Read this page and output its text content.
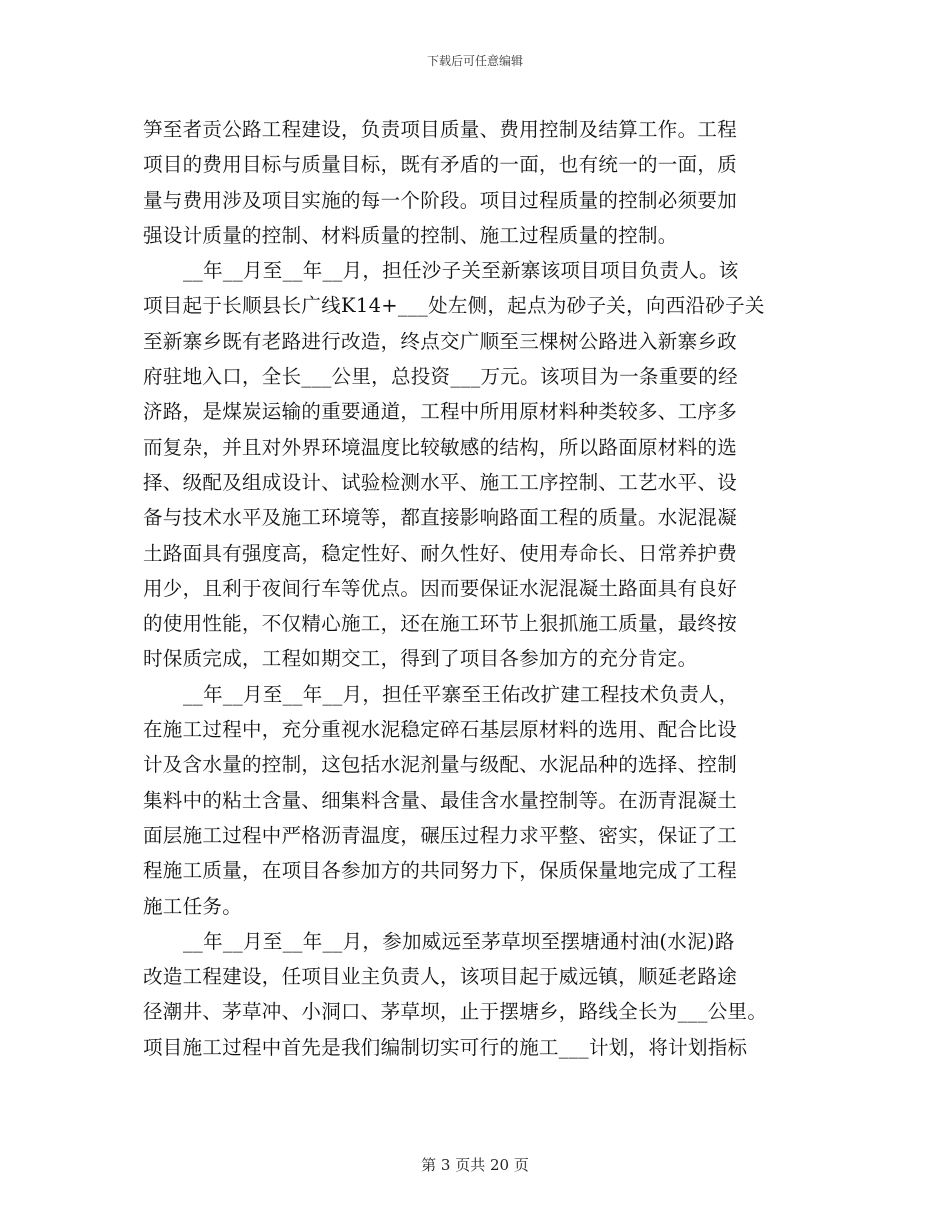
下载后可任意编辑
笋至者贡公路工程建设，负责项目质量、费用控制及结算工作。工程
项目的费用目标与质量目标，既有矛盾的一面，也有统一的一面，质
量与费用涉及项目实施的每一个阶段。项目过程质量的控制必须要加
强设计质量的控制、材料质量的控制、施工过程质量的控制。
__年__月至__年__月，担任沙子关至新寨该项目项目负责人。该
项目起于长顺县长广线K14+___处左侧，起点为砂子关，向西沿砂子关
至新寨乡既有老路进行改造，终点交广顺至三棵树公路进入新寨乡政
府驻地入口，全长___公里，总投资___万元。该项目为一条重要的经
济路，是煤炭运输的重要通道，工程中所用原材料种类较多、工序多
而复杂，并且对外界环境温度比较敏感的结构，所以路面原材料的选
择、级配及组成设计、试验检测水平、施工工序控制、工艺水平、设
备与技术水平及施工环境等，都直接影响路面工程的质量。水泥混凝
土路面具有强度高，稳定性好、耐久性好、使用寿命长、日常养护费
用少，且利于夜间行车等优点。因而要保证水泥混凝土路面具有良好
的使用性能，不仅精心施工，还在施工环节上狠抓施工质量，最终按
时保质完成，工程如期交工，得到了项目各参加方的充分肯定。
__年__月至__年__月，担任平寨至王佑改扩建工程技术负责人，
在施工过程中，充分重视水泥稳定碎石基层原材料的选用、配合比设
计及含水量的控制，这包括水泥剂量与级配、水泥品种的选择、控制
集料中的粘土含量、细集料含量、最佳含水量控制等。在沥青混凝土
面层施工过程中严格沥青温度，碾压过程力求平整、密实，保证了工
程施工质量，在项目各参加方的共同努力下，保质保量地完成了工程
施工任务。
__年__月至__年__月，参加威远至茅草坝至摆塘通村油(水泥)路
改造工程建设，任项目业主负责人，该项目起于威远镇，顺延老路途
径潮井、茅草冲、小洞口、茅草坝，止于摆塘乡，路线全长为___公里。
项目施工过程中首先是我们编制切实可行的施工___计划，将计划指标
第 3 页共 20 页
